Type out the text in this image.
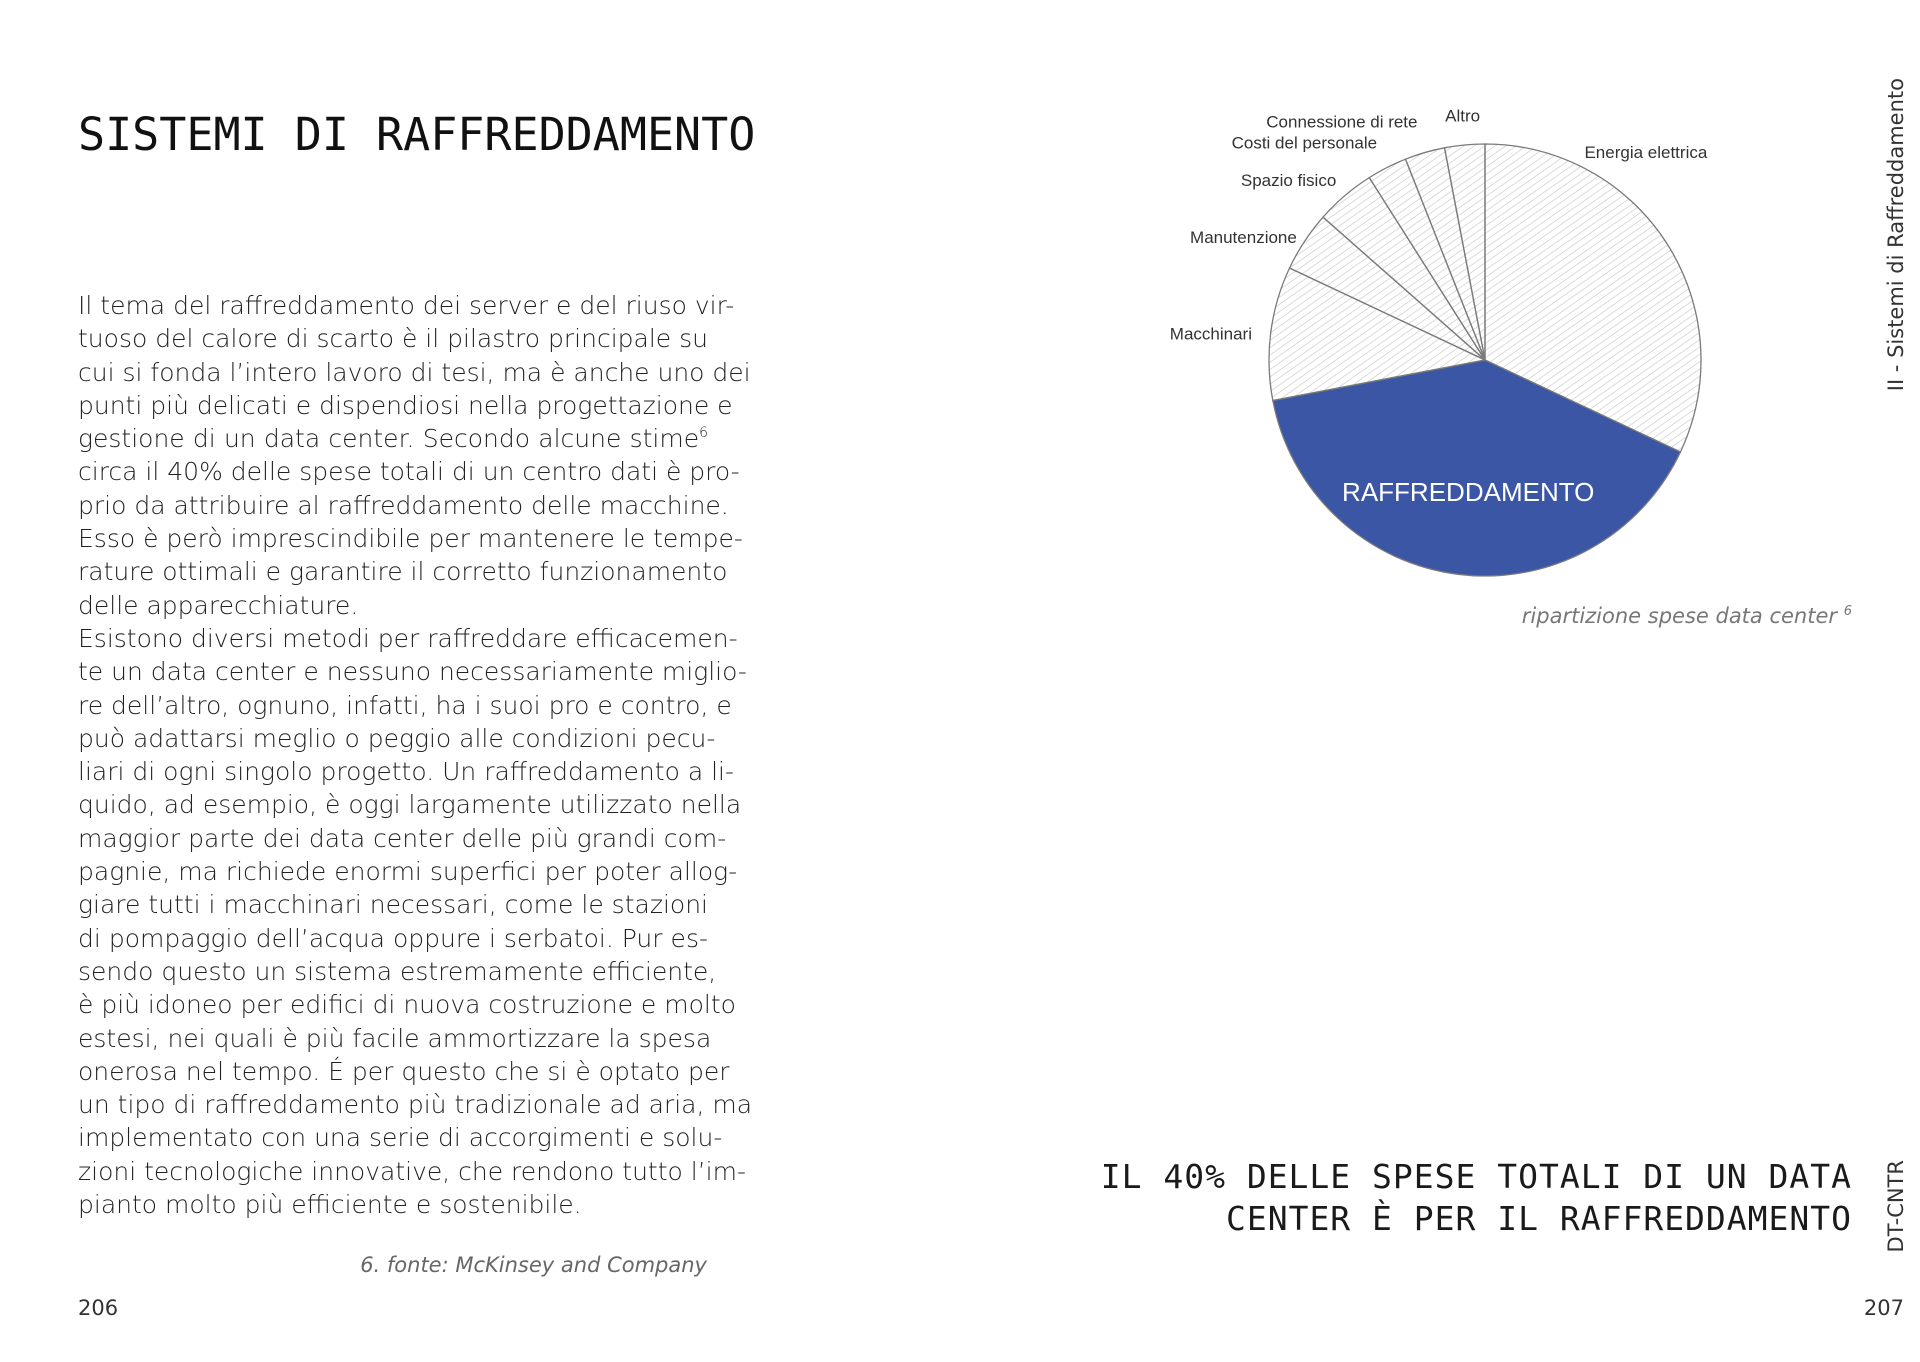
SISTEMI DI RAFFREDDAMENTO
Il tema del raffreddamento dei server e del riuso vir-
tuoso del calore di scarto è il pilastro principale su
cui si fonda l’intero lavoro di tesi, ma è anche uno dei
punti più delicati e dispendiosi nella progettazione e
gestione di un data center. Secondo alcune stime$^6$
circa il 40% delle spese totali di un centro dati è pro-
prio da attribuire al raffreddamento delle macchine.
Esso è però imprescindibile per mantenere le tempe-
rature ottimali e garantire il corretto funzionamento
delle apparecchiature.
Esistono diversi metodi per raffreddare efficacemen-
te un data center e nessuno necessariamente miglio-
re dell’altro, ognuno, infatti, ha i suoi pro e contro, e
può adattarsi meglio o peggio alle condizioni pecu-
liari di ogni singolo progetto. Un raffreddamento a li-
quido, ad esempio, è oggi largamente utilizzato nella
maggior parte dei data center delle più grandi com-
pagnie, ma richiede enormi superfici per poter allog-
giare tutti i macchinari necessari, come le stazioni
di pompaggio dell’acqua oppure i serbatoi. Pur es-
sendo questo un sistema estremamente efficiente,
è più idoneo per edifici di nuova costruzione e molto
estesi, nei quali è più facile ammortizzare la spesa
onerosa nel tempo. É per questo che si è optato per
un tipo di raffreddamento più tradizionale ad aria, ma
implementato con una serie di accorgimenti e solu-
zioni tecnologiche innovative, che rendono tutto l’im-
pianto molto più efficiente e sostenibile.
6. fonte: McKinsey and Company
206
Energia elettrica
RAFFREDDAMENTO
Macchinari
Manutenzione
Spazio fisico
Costi del personale
Connessione di rete Altro
ripartizione spese data center $^6$
IL 40% DELLE SPESE TOTALI DI UN DATA
CENTER È PER IL RAFFREDDAMENTO
II - Sistemi di Raffreddamento
DT-CNTR
207
